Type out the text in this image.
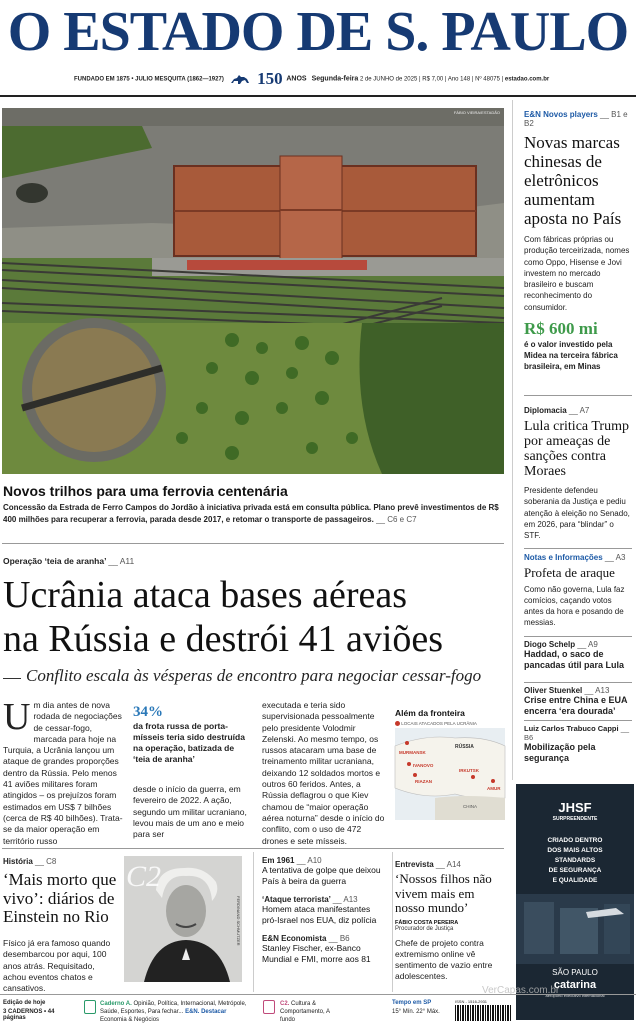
O ESTADO DE S. PAULO
FUNDADO EM 1875 • JULIO MESQUITA (1862—1927) 150 ANOS Segunda-feira 2 de JUNHO de 2025 | R$ 7,00 | Ano 148 | Nº 48075 | estadao.com.br
FÁBIO VIEIRA/ESTADÃO
Novos trilhos para uma ferrovia centenária
Concessão da Estrada de Ferro Campos do Jordão à iniciativa privada está em consulta pública. Plano prevê investimentos de R$ 400 milhões para recuperar a ferrovia, parada desde 2017, e retomar o transporte de passageiros. __ C6 e C7
Operação ‘teia de aranha’ __ A11
Ucrânia ataca bases aéreas
na Rússia e destrói 41 aviões
Conflito escala às vésperas de encontro para negociar cessar-fogo
U m dia antes de nova rodada de negociações de cessar-fogo, marcada para hoje na Turquia, a Ucrânia lançou um ataque de grandes proporções dentro da Rússia. Pelo menos 41 aviões militares foram atingidos – os prejuízos foram estimados em US$ 7 bilhões (cerca de R$ 40 bilhões). Trata-se da maior operação em território russo
34%
da frota russa de porta-mísseis teria sido destruída na operação, batizada de ‘teia de aranha’
desde o início da guerra, em fevereiro de 2022. A ação, segundo um militar ucraniano, levou mais de um ano e meio para ser
executada e teria sido supervisionada pessoalmente pelo presidente Volodmir Zelenski. Ao mesmo tempo, os russos atacaram uma base de treinamento militar ucraniana, deixando 12 soldados mortos e outros 60 feridos. Antes, a Rússia deflagrou o que Kiev chamou de “maior operação aérea noturna” desde o início do conflito, com o uso de 472 drones e sete mísseis.
Além da fronteira
LOCAIS ATACADOS PELA UCRÂNIA
MURMANSK
RÚSSIA
IVANOVO
RIAZAN
IRKUTSK
AMUR
CHINA
História __ C8
‘Mais morto que vivo’: diários de Einstein no Rio
Físico já era famoso quando desembarcou por aqui, 100 anos atrás. Requisitado, achou eventos chatos e cansativos.
C2
FERDINAND SCHMUTZER
Em 1961 __ A10
A tentativa de golpe que deixou País à beira da guerra
‘Ataque terrorista’ __ A13
Homem ataca manifestantes pró-Israel nos EUA, diz polícia
E&N Economista __ B6
Stanley Fischer, ex-Banco Mundial e FMI, morre aos 81
Entrevista __ A14
‘Nossos filhos não vivem mais em nosso mundo’
FÁBIO COSTA PEREIRA
Procurador de Justiça
Chefe de projeto contra extremismo online vê sentimento de vazio entre adolescentes.
E&N Novos players __ B1 e B2
Novas marcas chinesas de eletrônicos aumentam aposta no País
Com fábricas próprias ou produção terceirizada, nomes como Oppo, Hisense e Jovi investem no mercado brasileiro e buscam reconhecimento do consumidor.
R$ 600 mi
é o valor investido pela Midea na terceira fábrica brasileira, em Minas
Diplomacia __ A7
Lula critica Trump por ameaças de sanções contra Moraes
Presidente defendeu soberania da Justiça e pediu atenção à eleição no Senado, em 2026, para “blindar” o STF.
Notas e Informações __ A3
Profeta de araque
Como não governa, Lula faz comícios, caçando votos antes da hora e posando de messias.
Diogo Schelp __ A9
Haddad, o saco de pancadas útil para Lula
Oliver Stuenkel __ A13
Crise entre China e EUA encerra ‘era dourada’
Luiz Carlos Trabuco Cappi __ B6
Mobilização pela segurança
JHSF
SURPREENDENTE
CRIADO DENTRO
DOS MAIS ALTOS
STANDARDS
DE SEGURANÇA
E QUALIDADE
SÃO PAULO
catarina
aeroporto executivo internacional
VerCapas.com.br
Edição de hoje
3 CADERNOS • 44 páginas
Caderno A. Opinião, Política, Internacional, Metrópole, Saúde, Esportes, Para fechar... E&N. Destacar Economia & Negócios
C2. Cultura & Comportamento, A fundo
Tempo em SP
15° Mín. 22° Máx.
ISSN - 1516-2931
